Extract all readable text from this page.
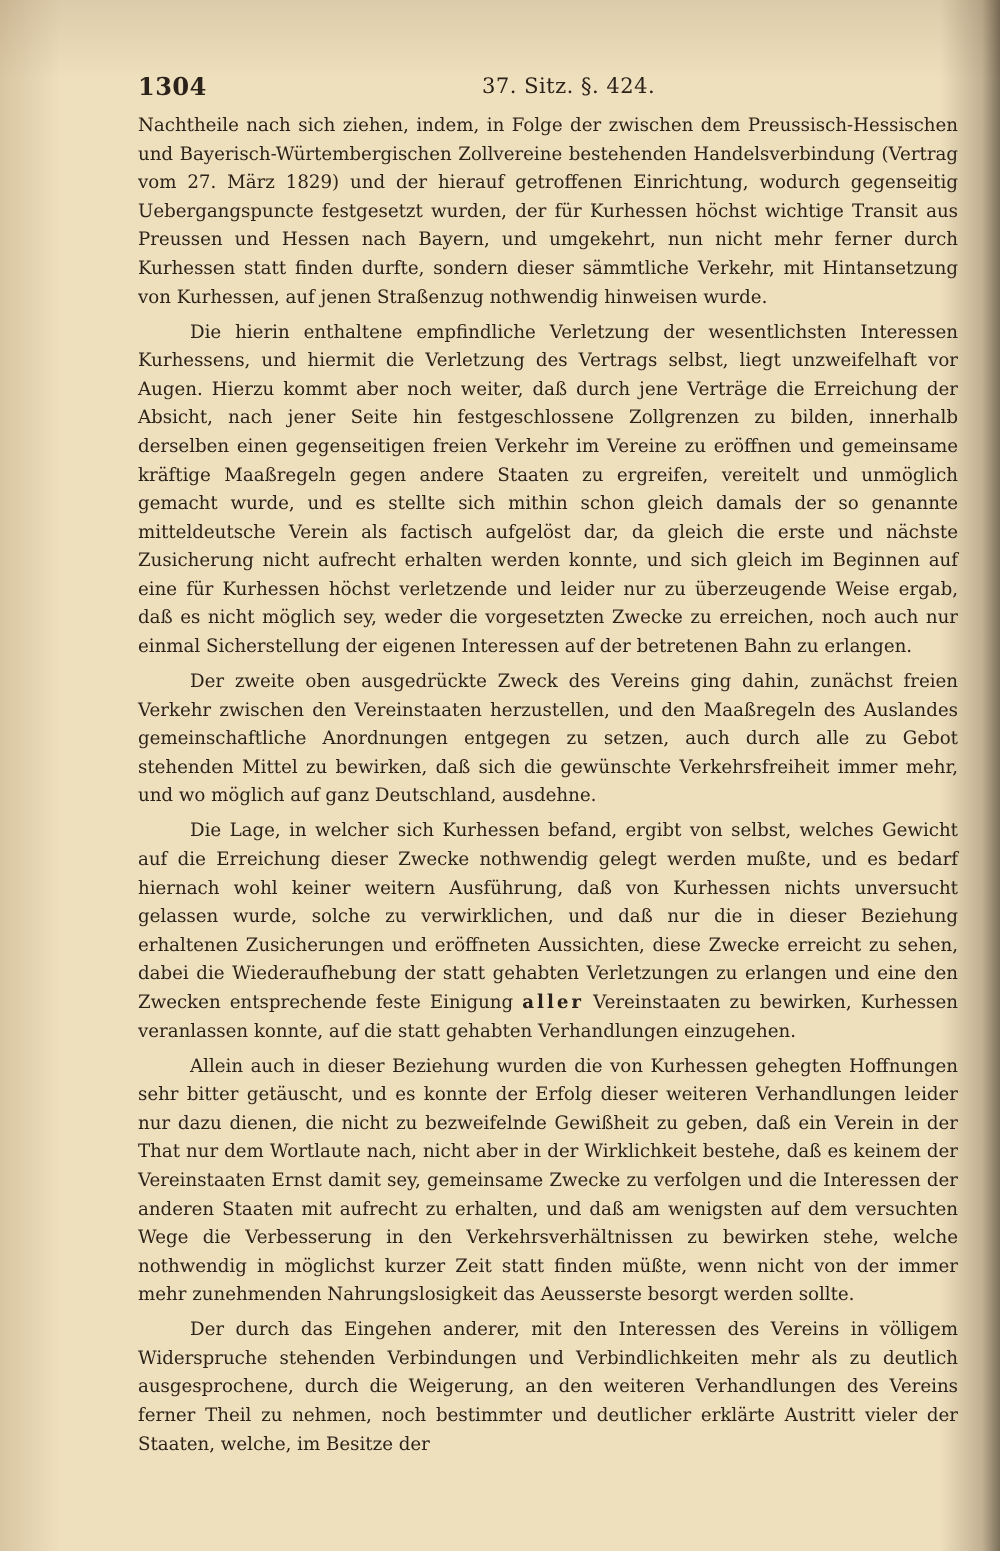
1304	37. Sitz. §. 424.

Nachtheile nach sich ziehen, indem, in Folge der zwischen dem Preussisch-Hessischen und Bayerisch-Würtembergischen Zollvereine bestehenden Handelsverbindung (Vertrag vom 27. März 1829) und der hierauf getroffenen Einrichtung, wodurch gegenseitig Uebergangspuncte festgesetzt wurden, der für Kurhessen höchst wichtige Transit aus Preussen und Hessen nach Bayern, und umgekehrt, nun nicht mehr ferner durch Kurhessen statt finden durfte, sondern dieser sämmtliche Verkehr, mit Hintansetzung von Kurhessen, auf jenen Straßenzug nothwendig hinweisen wurde.

Die hierin enthaltene empfindliche Verletzung der wesentlichsten Interessen Kurhessens, und hiermit die Verletzung des Vertrags selbst, liegt unzweifelhaft vor Augen. Hierzu kommt aber noch weiter, daß durch jene Verträge die Erreichung der Absicht, nach jener Seite hin festgeschlossene Zollgrenzen zu bilden, innerhalb derselben einen gegenseitigen freien Verkehr im Vereine zu eröffnen und gemeinsame kräftige Maaßregeln gegen andere Staaten zu ergreifen, vereitelt und unmöglich gemacht wurde, und es stellte sich mithin schon gleich damals der so genannte mitteldeutsche Verein als factisch aufgelöst dar, da gleich die erste und nächste Zusicherung nicht aufrecht erhalten werden konnte, und sich gleich im Beginnen auf eine für Kurhessen höchst verletzende und leider nur zu überzeugende Weise ergab, daß es nicht möglich sey, weder die vorgesetzten Zwecke zu erreichen, noch auch nur einmal Sicherstellung der eigenen Interessen auf der betretenen Bahn zu erlangen.

Der zweite oben ausgedrückte Zweck des Vereins ging dahin, zunächst freien Verkehr zwischen den Vereinstaaten herzustellen, und den Maaßregeln des Auslandes gemeinschaftliche Anordnungen entgegen zu setzen, auch durch alle zu Gebot stehenden Mittel zu bewirken, daß sich die gewünschte Verkehrsfreiheit immer mehr, und wo möglich auf ganz Deutschland, ausdehne.

Die Lage, in welcher sich Kurhessen befand, ergibt von selbst, welches Gewicht auf die Erreichung dieser Zwecke nothwendig gelegt werden mußte, und es bedarf hiernach wohl keiner weitern Ausführung, daß von Kurhessen nichts unversucht gelassen wurde, solche zu verwirklichen, und daß nur die in dieser Beziehung erhaltenen Zusicherungen und eröffneten Aussichten, diese Zwecke erreicht zu sehen, dabei die Wiederaufhebung der statt gehabten Verletzungen zu erlangen und eine den Zwecken entsprechende feste Einigung aller Vereinstaaten zu bewirken, Kurhessen veranlassen konnte, auf die statt gehabten Verhandlungen einzugehen.

Allein auch in dieser Beziehung wurden die von Kurhessen gehegten Hoffnungen sehr bitter getäuscht, und es konnte der Erfolg dieser weiteren Verhandlungen leider nur dazu dienen, die nicht zu bezweifelnde Gewißheit zu geben, daß ein Verein in der That nur dem Wortlaute nach, nicht aber in der Wirklichkeit bestehe, daß es keinem der Vereinstaaten Ernst damit sey, gemeinsame Zwecke zu verfolgen und die Interessen der anderen Staaten mit aufrecht zu erhalten, und daß am wenigsten auf dem versuchten Wege die Verbesserung in den Verkehrsverhältnissen zu bewirken stehe, welche nothwendig in möglichst kurzer Zeit statt finden müßte, wenn nicht von der immer mehr zunehmenden Nahrungslosigkeit das Aeusserste besorgt werden sollte.

Der durch das Eingehen anderer, mit den Interessen des Vereins in völligem Widerspruche stehenden Verbindungen und Verbindlichkeiten mehr als zu deutlich ausgesprochene, durch die Weigerung, an den weiteren Verhandlungen des Vereins ferner Theil zu nehmen, noch bestimmter und deutlicher erklärte Austritt vieler der Staaten, welche, im Besitze der
